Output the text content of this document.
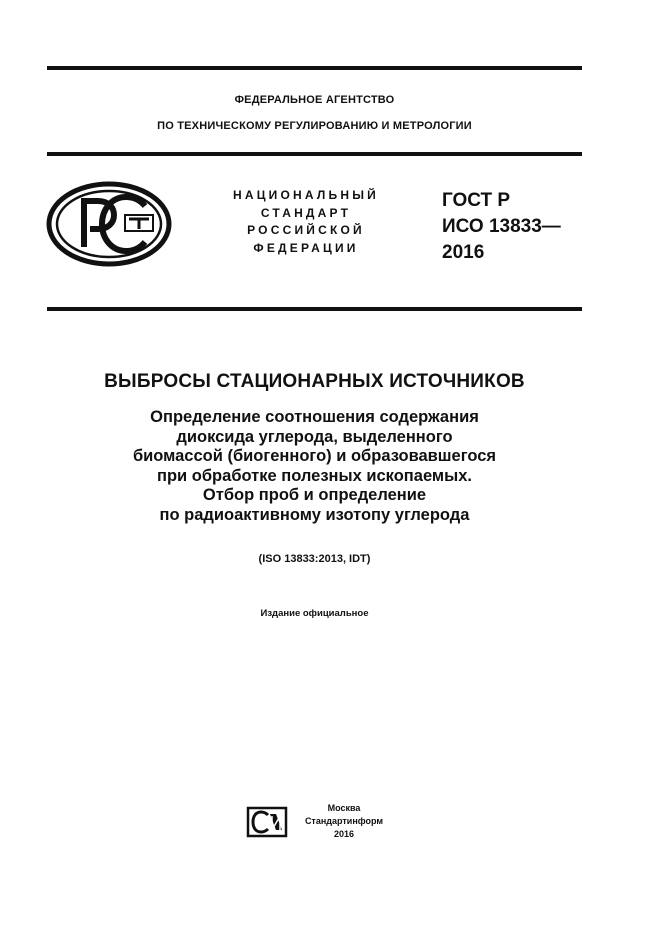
ФЕДЕРАЛЬНОЕ АГЕНТСТВО
ПО ТЕХНИЧЕСКОМУ РЕГУЛИРОВАНИЮ И МЕТРОЛОГИИ
НАЦИОНАЛЬНЫЙ
СТАНДАРТ
РОССИЙСКОЙ
ФЕДЕРАЦИИ
ГОСТ Р
ИСО 13833—
2016
ВЫБРОСЫ СТАЦИОНАРНЫХ ИСТОЧНИКОВ
Определение соотношения содержания
диоксида углерода, выделенного
биомассой (биогенного) и образовавшегося
при обработке полезных ископаемых.
Отбор проб и определение
по радиоактивному изотопу углерода
(ISO 13833:2013, IDT)
Издание официальное
Москва
Стандартинформ
2016
